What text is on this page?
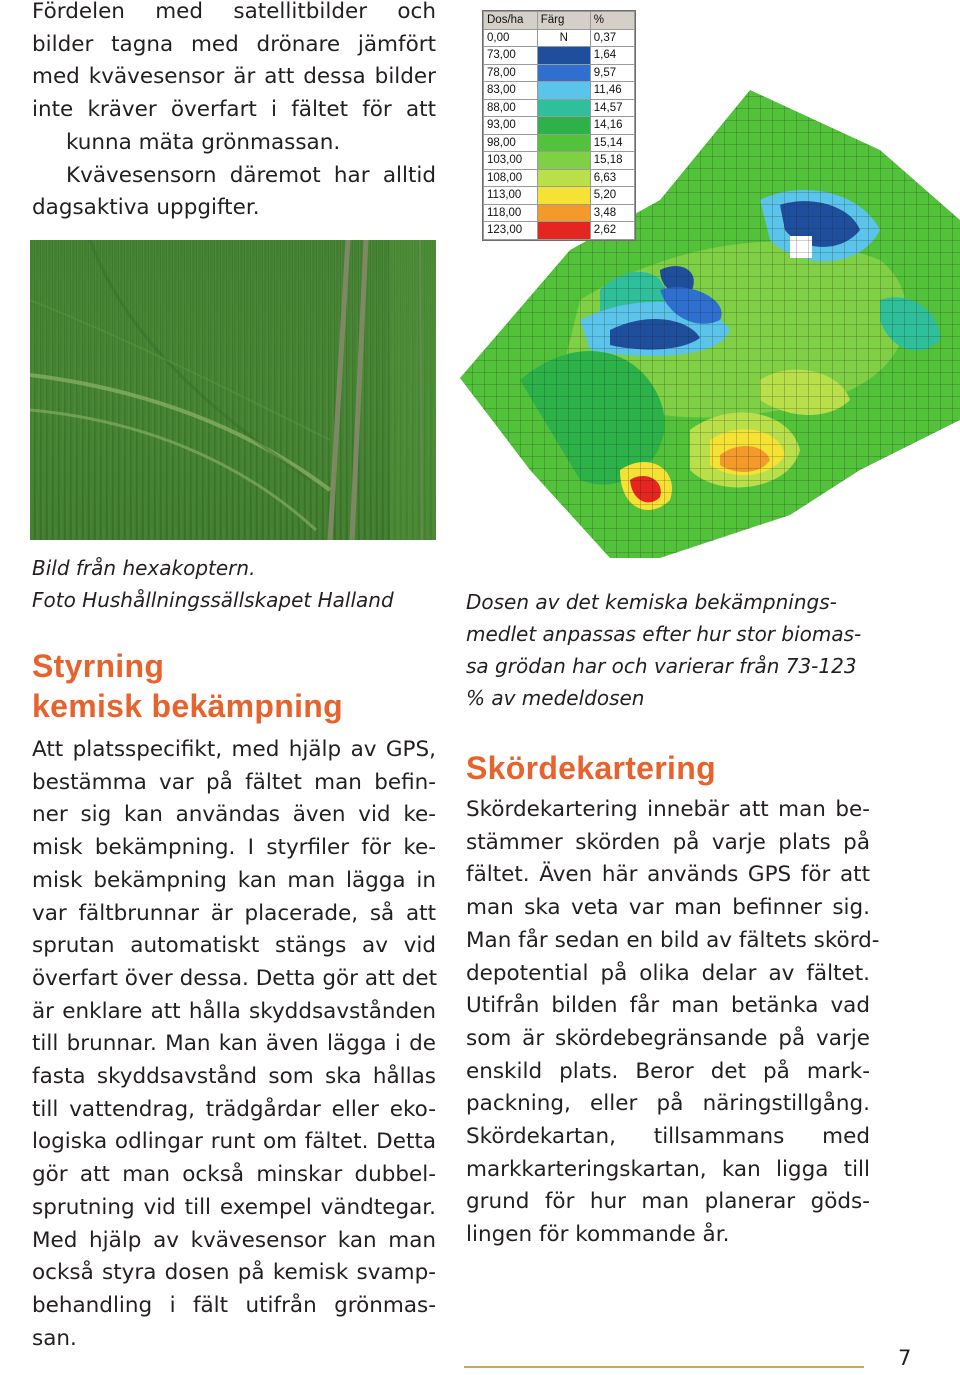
Fördelen med satellitbilder och
bilder tagna med drönare jämfört
med kvävesensor är att dessa bilder
inte kräver överfart i fältet för att
kunna mäta grönmassan.
Kvävesensorn däremot har alltid
dagsaktiva uppgifter.
Dos/ha	Färg	%
0,00	N	0,37
73,00		1,64
78,00		9,57
83,00		11,46
88,00		14,57
93,00		14,16
98,00		15,14
103,00		15,18
108,00		6,63
113,00		5,20
118,00		3,48
123,00		2,62
Bild från hexakoptern.
Foto Hushållningssällskapet Halland	Dosen av det kemiska bekämpnings-
medlet anpassas efter hur stor biomas-
sa grödan har och varierar från 73-123
% av medeldosen
Styrning
kemisk bekämpning
Att platsspecifikt, med hjälp av GPS,
bestämma var på fältet man befin-
ner sig kan användas även vid ke-
misk bekämpning. I styrfiler för ke-
misk bekämpning kan man lägga in
var fältbrunnar är placerade, så att
sprutan automatiskt stängs av vid
överfart över dessa. Detta gör att det
är enklare att hålla skyddsavstånden
till brunnar. Man kan även lägga i de
fasta skyddsavstånd som ska hållas
till vattendrag, trädgårdar eller eko-
logiska odlingar runt om fältet. Detta
gör att man också minskar dubbel-
sprutning vid till exempel vändtegar.
Med hjälp av kvävesensor kan man
också styra dosen på kemisk svamp-
behandling i fält utifrån grönmas-
san.
Skördekartering
Skördekartering innebär att man be-
stämmer skörden på varje plats på
fältet. Även här används GPS för att
man ska veta var man befinner sig.
Man får sedan en bild av fältets skörd-
depotential på olika delar av fältet.
Utifrån bilden får man betänka vad
som är skördebegränsande på varje
enskild plats. Beror det på mark-
packning, eller på näringstillgång.
Skördekartan, tillsammans med
markkarteringskartan, kan ligga till
grund för hur man planerar göds-
lingen för kommande år.
7
